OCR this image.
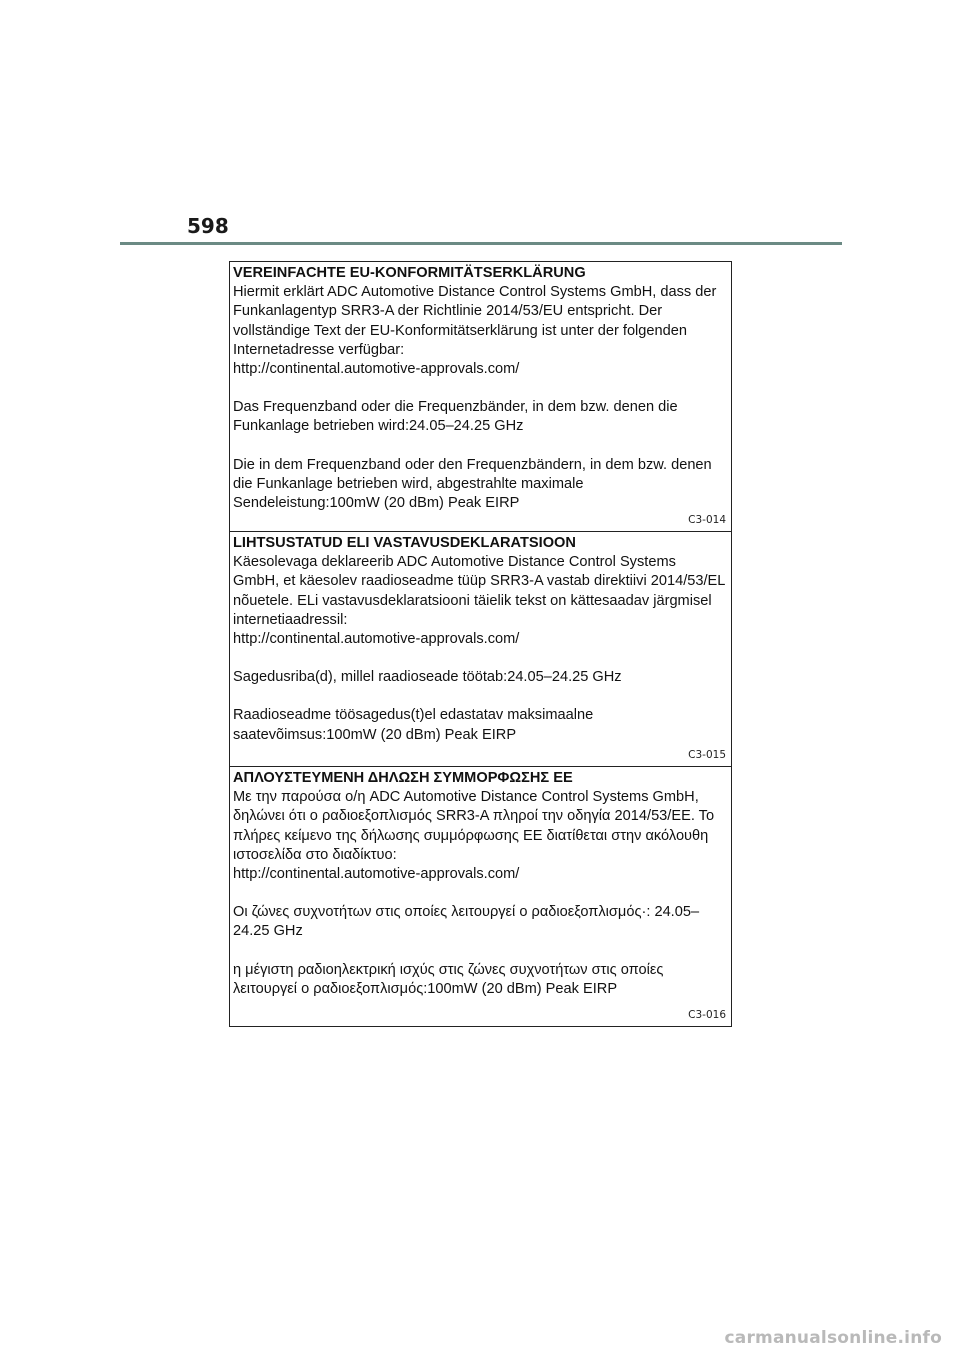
598

VEREINFACHTE EU-KONFORMITÄTSERKLÄRUNG

Hiermit erklärt ADC Automotive Distance Control Systems GmbH, dass der Funkanlagentyp SRR3-A der Richtlinie 2014/53/EU entspricht. Der vollständige Text der EU-Konformitätserklärung ist unter der folgenden Internetadresse verfügbar:

http://continental.automotive-approvals.com/

Das Frequenzband oder die Frequenzbänder, in dem bzw. denen die Funkanlage betrieben wird:24.05–24.25 GHz

Die in dem Frequenzband oder den Frequenzbändern, in dem bzw. denen die Funkanlage betrieben wird, abgestrahlte maximale Sendeleistung:100mW (20 dBm) Peak EIRP

C3-014

LIHTSUSTATUD ELI VASTAVUSDEKLARATSIOON

Käesolevaga deklareerib ADC Automotive Distance Control Systems GmbH, et käesolev raadioseadme tüüp SRR3-A vastab direktiivi 2014/53/EL nõuetele. ELi vastavusdeklaratsiooni täielik tekst on kättesaadav järgmisel internetiaadressil:

http://continental.automotive-approvals.com/

Sagedusriba(d), millel raadioseade töötab:24.05–24.25 GHz

Raadioseadme töösagedus(t)el edastatav maksimaalne saatevõimsus:100mW (20 dBm) Peak EIRP

C3-015

ΑΠΛΟΥΣΤΕΥΜΕΝΗ ΔΗΛΩΣΗ ΣΥΜΜΟΡΦΩΣΗΣ ΕΕ

Με την παρούσα ο/η ADC Automotive Distance Control Systems GmbH, δηλώνει ότι ο ραδιοεξοπλισμός SRR3-A πληροί την οδηγία 2014/53/ΕΕ. Το πλήρες κείμενο της δήλωσης συμμόρφωσης ΕΕ διατίθεται στην ακόλουθη ιστοσελίδα στο διαδίκτυο:

http://continental.automotive-approvals.com/

Οι ζώνες συχνοτήτων στις οποίες λειτουργεί ο ραδιοεξοπλισμός·: 24.05–24.25 GHz

η μέγιστη ραδιοηλεκτρική ισχύς στις ζώνες συχνοτήτων στις οποίες λειτουργεί ο ραδιοεξοπλισμός:100mW (20 dBm) Peak EIRP

C3-016
carmanualsonline.info
